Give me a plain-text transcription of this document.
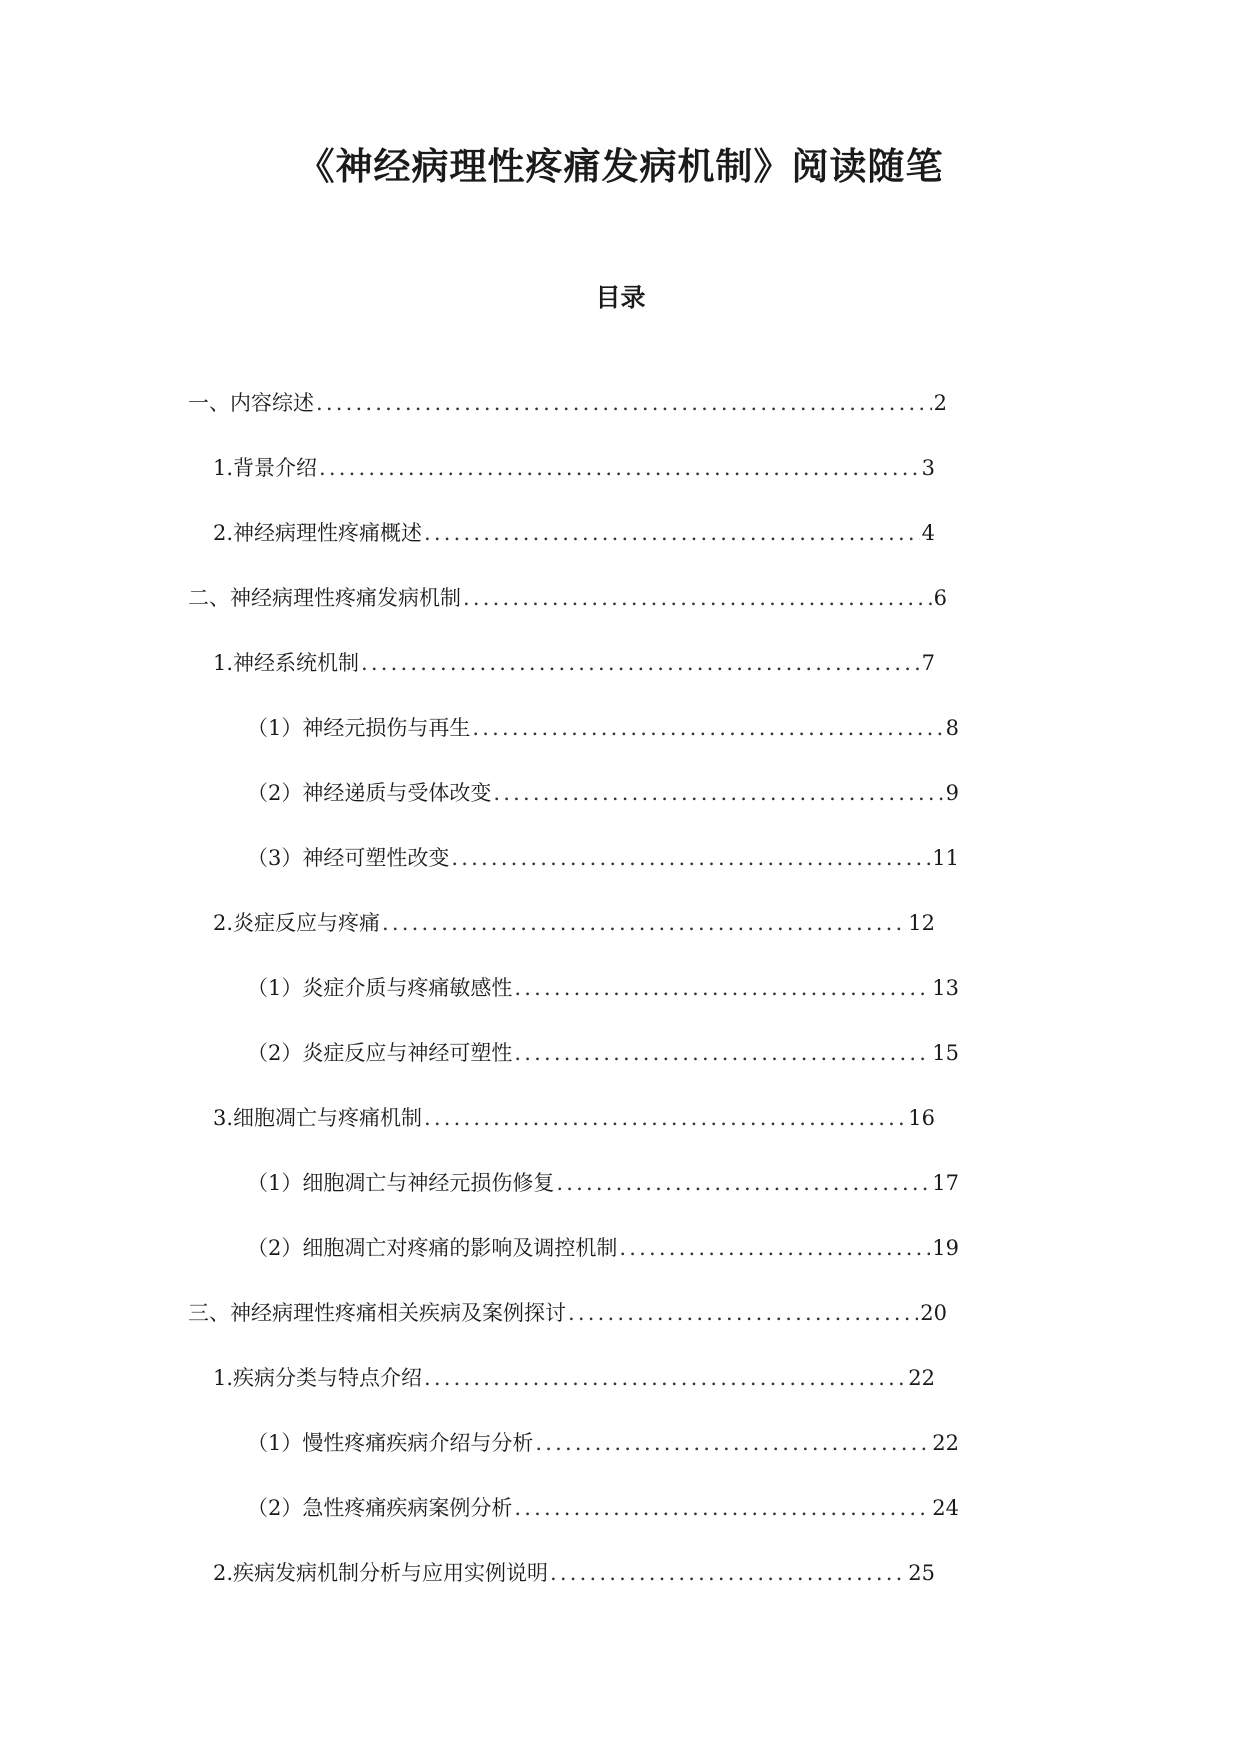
《神经病理性疼痛发病机制》阅读随笔
目录
一、内容综述 .....	2
1. 背景介绍 .....	3
2. 神经病理性疼痛概述 .....	4
二、神经病理性疼痛发病机制 .....	6
1. 神经系统机制 .....	7
（1）神经元损伤与再生 .....	8
（2）神经递质与受体改变 .....	9
（3）神经可塑性改变 .....	11
2. 炎症反应与疼痛 .....	12
（1）炎症介质与疼痛敏感性 .....	13
（2）炎症反应与神经可塑性 .....	15
3. 细胞凋亡与疼痛机制 .....	16
（1）细胞凋亡与神经元损伤修复 .....	17
（2）细胞凋亡对疼痛的影响及调控机制 .....	19
三、神经病理性疼痛相关疾病及案例探讨 .....	20
1. 疾病分类与特点介绍 .....	22
（1）慢性疼痛疾病介绍与分析 .....	22
（2）急性疼痛疾病案例分析 .....	24
2. 疾病发病机制分析与应用实例说明 .....	25
